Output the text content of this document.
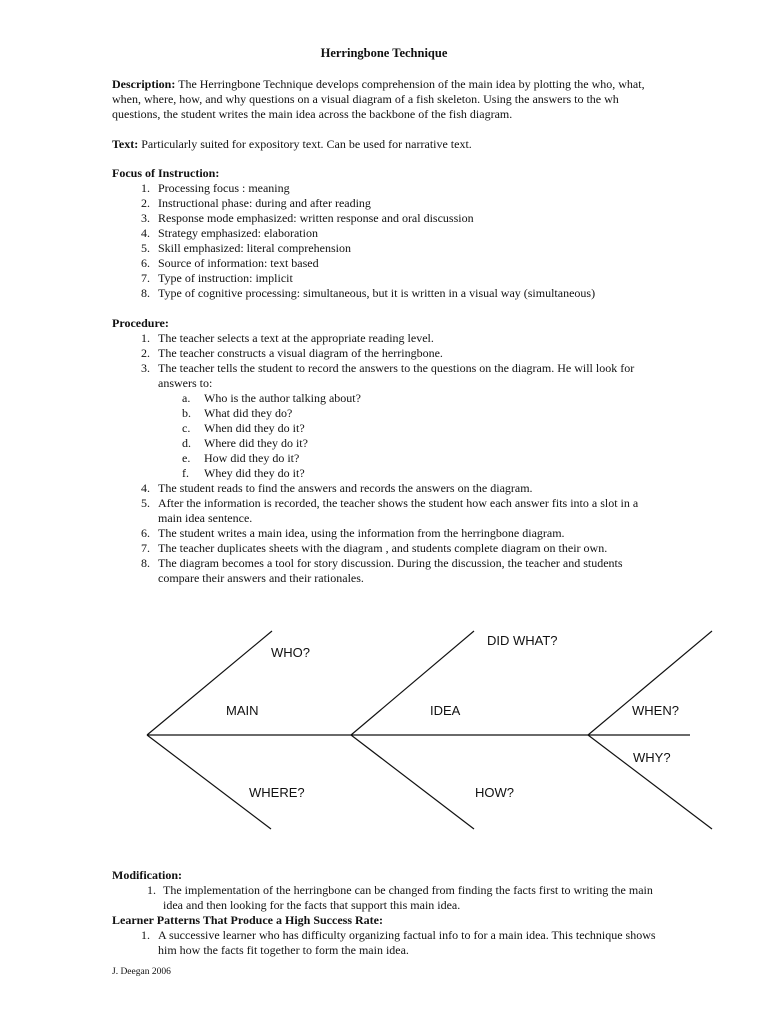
Herringbone Technique
Description: The Herringbone Technique develops comprehension of the main idea by plotting the who, what, when, where, how, and why questions on a visual diagram of a fish skeleton. Using the answers to the wh questions, the student writes the main idea across the backbone of the fish diagram.
Text: Particularly suited for expository text. Can be used for narrative text.
Focus of Instruction:
1. Processing focus : meaning
2. Instructional phase: during and after reading
3. Response mode emphasized: written response and oral discussion
4. Strategy emphasized: elaboration
5. Skill emphasized: literal comprehension
6. Source of information: text based
7. Type of instruction: implicit
8. Type of cognitive processing: simultaneous, but it is written in a visual way (simultaneous)
Procedure:
1. The teacher selects a text at the appropriate reading level.
2. The teacher constructs a visual diagram of the herringbone.
3. The teacher tells the student to record the answers to the questions on the diagram. He will look for answers to:
a. Who is the author talking about?
b. What did they do?
c. When did they do it?
d. Where did they do it?
e. How did they do it?
f. Whey did they do it?
4. The student reads to find the answers and records the answers on the diagram.
5. After the information is recorded, the teacher shows the student how each answer fits into a slot in a main idea sentence.
6. The student writes a main idea, using the information from the herringbone diagram.
7. The teacher duplicates sheets with the diagram , and students complete diagram on their own.
8. The diagram becomes a tool for story discussion. During the discussion, the teacher and students compare their answers and their rationales.
WHO?
DID WHAT?
MAIN	IDEA	WHEN?
WHY?
WHERE?	HOW?
Modification:
1. The implementation of the herringbone can be changed from finding the facts first to writing the main idea and then looking for the facts that support this main idea.
Learner Patterns That Produce a High Success Rate:
1. A successive learner who has difficulty organizing factual info to for a main idea. This technique shows him how the facts fit together to form the main idea.
J. Deegan 2006
